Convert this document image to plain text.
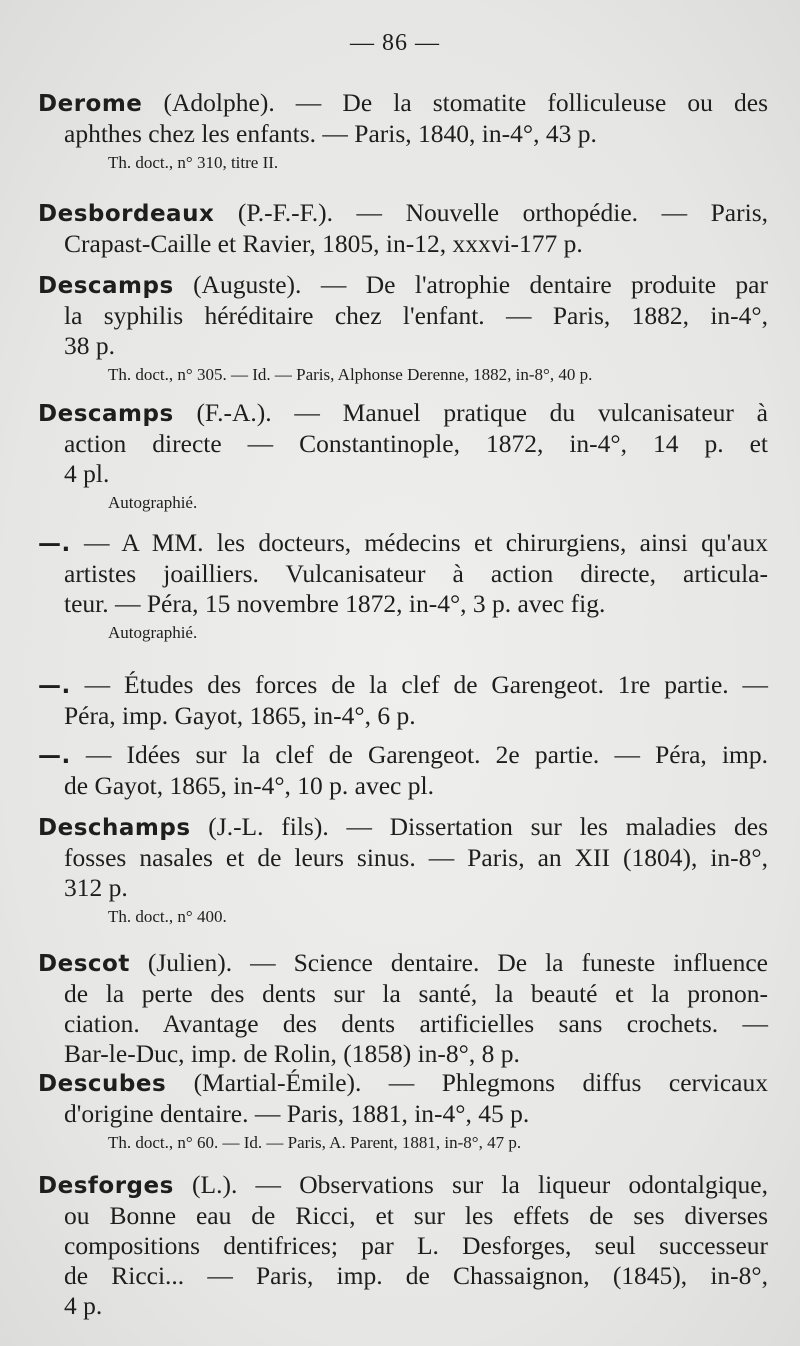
— 86 —
Derome (Adolphe). — De la stomatite folliculeuse ou des
aphthes chez les enfants. — Paris, 1840, in-4°, 43 p.
Th. doct., n° 310, titre II.
Desbordeaux (P.-F.-F.). — Nouvelle orthopédie. — Paris,
Crapast-Caille et Ravier, 1805, in-12, xxxvi-177 p.
Descamps (Auguste). — De l'atrophie dentaire produite par
la syphilis héréditaire chez l'enfant. — Paris, 1882, in-4°,
38 p.
Th. doct., n° 305. — Id. — Paris, Alphonse Derenne, 1882, in-8°, 40 p.
Descamps (F.-A.). — Manuel pratique du vulcanisateur à
action directe — Constantinople, 1872, in-4°, 14 p. et
4 pl.
Autographié.
—. — A MM. les docteurs, médecins et chirurgiens, ainsi qu'aux
artistes joailliers. Vulcanisateur à action directe, articula-
teur. — Péra, 15 novembre 1872, in-4°, 3 p. avec fig.
Autographié.
—. — Études des forces de la clef de Garengeot. 1re partie. —
Péra, imp. Gayot, 1865, in-4°, 6 p.
—. — Idées sur la clef de Garengeot. 2e partie. — Péra, imp.
de Gayot, 1865, in-4°, 10 p. avec pl.
Deschamps (J.-L. fils). — Dissertation sur les maladies des
fosses nasales et de leurs sinus. — Paris, an XII (1804), in-8°,
312 p.
Th. doct., n° 400.
Descot (Julien). — Science dentaire. De la funeste influence
de la perte des dents sur la santé, la beauté et la pronon-
ciation. Avantage des dents artificielles sans crochets. —
Bar-le-Duc, imp. de Rolin, (1858) in-8°, 8 p.
Descubes (Martial-Émile). — Phlegmons diffus cervicaux
d'origine dentaire. — Paris, 1881, in-4°, 45 p.
Th. doct., n° 60. — Id. — Paris, A. Parent, 1881, in-8°, 47 p.
Desforges (L.). — Observations sur la liqueur odontalgique,
ou Bonne eau de Ricci, et sur les effets de ses diverses
compositions dentifrices; par L. Desforges, seul successeur
de Ricci... — Paris, imp. de Chassaignon, (1845), in-8°,
4 p.
